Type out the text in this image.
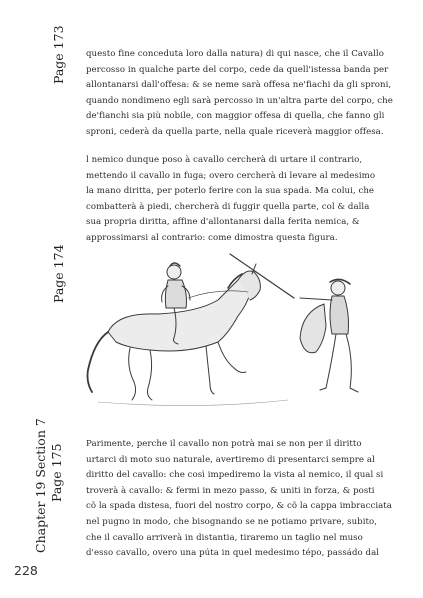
Page 173
Page 174
Chapter 19 Section 7 Page 175
questo fine conceduta loro dalla natura) di qui nasce, che il Cavallo
percosso in qualche parte del corpo, cede da quell'istessa banda per
allontanarsi dall'offesa: & se neme sarà offesa ne'fiachi da gli sproni,
quando nondimeno egli sarà percosso in un'altra parte del corpo, che
de'fianchi sia più nobile, con maggior offesa di quella, che fanno gli
sproni, cederà da quella parte, nella quale riceverà maggior offesa.
l nemico dunque poso à cavallo cercherà di urtare il contrario,
mettendo il cavallo in fuga; overo cercherà di levare al medesimo
la mano diritta, per poterlo ferire con la sua spada. Ma colui, che
combatterà à piedi, chercherà di fuggir quella parte, col & dalla
sua propria diritta, affine d'allontanarsi dalla ferita nemica, &
approssimarsi al contrario: come dimostra questa figura.
Parimente, perche il cavallo non potrà mai se non per il diritto
urtarci di moto suo naturale, avertiremo di presentarci sempre al
diritto del cavallo: che così impediremo la vista al nemico, il qual si
troverà à cavallo: & fermi in mezo passo, & uniti in forza, & posti
cõ la spada distesa, fuori del nostro corpo, & cõ la cappa imbracciata
nel pugno in modo, che bisognando se ne potiamo privare, subito,
che il cavallo arriverà in distantia, tiraremo un taglio nel muso
d'esso cavallo, overo una púta in quel medesimo tépo, passádo dal
228
